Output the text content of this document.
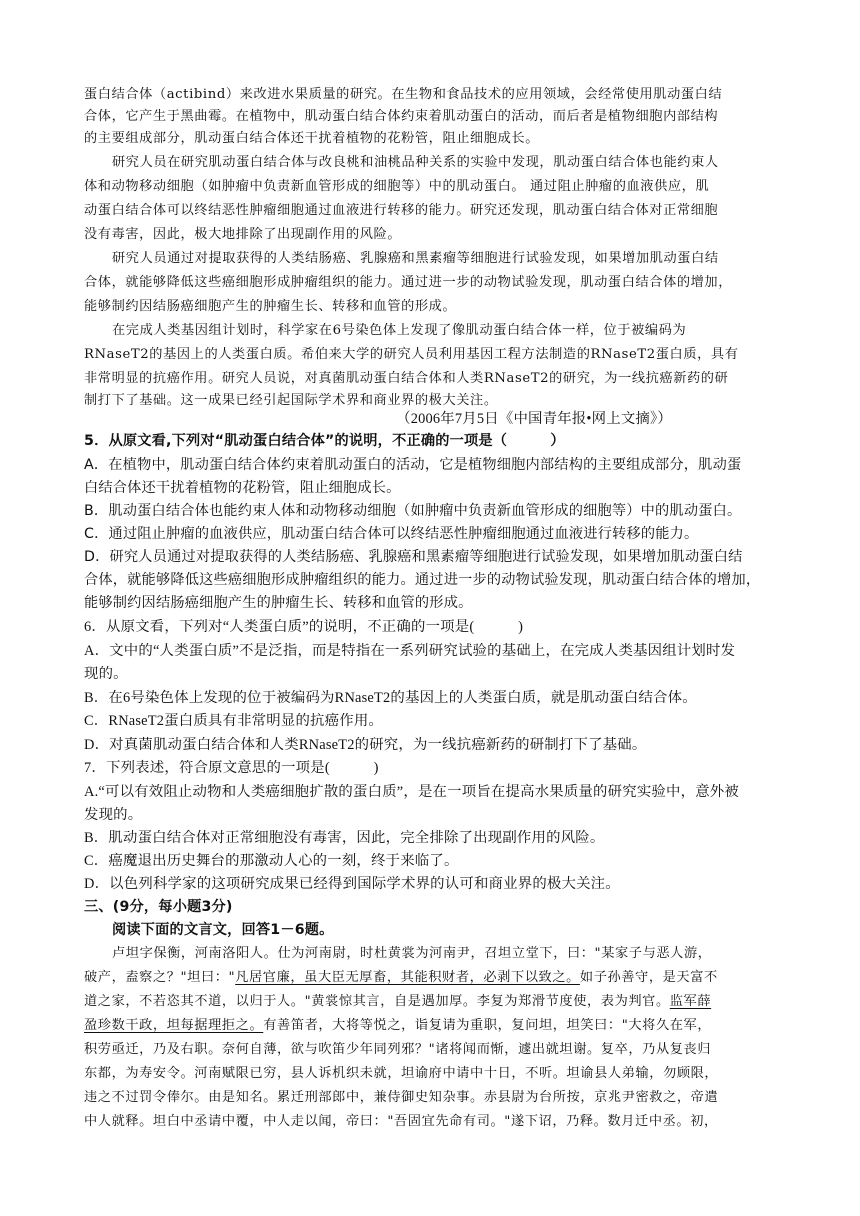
蛋白结合体（actibind）来改进水果质量的研究。在生物和食品技术的应用领域，会经常使用肌动蛋白结
合体，它产生于黑曲霉。在植物中，肌动蛋白结合体约束着肌动蛋白的活动，而后者是植物细胞内部结构
的主要组成部分，肌动蛋白结合体还干扰着植物的花粉管，阻止细胞成长。
研究人员在研究肌动蛋白结合体与改良桃和油桃品种关系的实验中发现，肌动蛋白结合体也能约束人
体和动物移动细胞（如肿瘤中负责新血管形成的细胞等）中的肌动蛋白。 通过阻止肿瘤的血液供应，肌
动蛋白结合体可以终结恶性肿瘤细胞通过血液进行转移的能力。研究还发现，肌动蛋白结合体对正常细胞
没有毒害，因此，极大地排除了出现副作用的风险。
研究人员通过对提取获得的人类结肠癌、乳腺癌和黑素瘤等细胞进行试验发现，如果增加肌动蛋白结
合体，就能够降低这些癌细胞形成肿瘤组织的能力。通过进一步的动物试验发现，肌动蛋白结合体的增加，
能够制约因结肠癌细胞产生的肿瘤生长、转移和血管的形成。
在完成人类基因组计划时，科学家在6号染色体上发现了像肌动蛋白结合体一样，位于被编码为
RNaseT2的基因上的人类蛋白质。希伯来大学的研究人员利用基因工程方法制造的RNaseT2蛋白质，具有
非常明显的抗癌作用。研究人员说，对真菌肌动蛋白结合体和人类RNaseT2的研究，为一线抗癌新药的研
制打下了基础。这一成果已经引起国际学术界和商业界的极大关注。
（2006年7月5日《中国青年报•网上文摘》）
5．从原文看,下列对“肌动蛋白结合体”的说明，不正确的一项是（　　　）
A．在植物中，肌动蛋白结合体约束着肌动蛋白的活动，它是植物细胞内部结构的主要组成部分，肌动蛋
白结合体还干扰着植物的花粉管，阻止细胞成长。
B．肌动蛋白结合体也能约束人体和动物移动细胞（如肿瘤中负责新血管形成的细胞等）中的肌动蛋白。
C．通过阻止肿瘤的血液供应，肌动蛋白结合体可以终结恶性肿瘤细胞通过血液进行转移的能力。
D．研究人员通过对提取获得的人类结肠癌、乳腺癌和黑素瘤等细胞进行试验发现，如果增加肌动蛋白结
合体，就能够降低这些癌细胞形成肿瘤组织的能力。通过进一步的动物试验发现，肌动蛋白结合体的增加，
能够制约因结肠癌细胞产生的肿瘤生长、转移和血管的形成。
6．从原文看，下列对“人类蛋白质”的说明，不正确的一项是(　　　)
A．文中的“人类蛋白质”不是泛指，而是特指在一系列研究试验的基础上，在完成人类基因组计划时发
现的。
B．在6号染色体上发现的位于被编码为RNaseT2的基因上的人类蛋白质，就是肌动蛋白结合体。
C．RNaseT2蛋白质具有非常明显的抗癌作用。
D．对真菌肌动蛋白结合体和人类RNaseT2的研究，为一线抗癌新药的研制打下了基础。
7．下列表述，符合原文意思的一项是(　　　)
A.“可以有效阻止动物和人类癌细胞扩散的蛋白质”，是在一项旨在提高水果质量的研究实验中，意外被
发现的。
B．肌动蛋白结合体对正常细胞没有毒害，因此，完全排除了出现副作用的风险。
C．癌魔退出历史舞台的那激动人心的一刻，终于来临了。
D．以色列科学家的这项研究成果已经得到国际学术界的认可和商业界的极大关注。
三、(9分，每小题3分)
阅读下面的文言文，回答1－6题。
卢坦字保衡，河南洛阳人。仕为河南尉，时杜黄裳为河南尹，召坦立堂下，曰："某家子与恶人游，
破产，盍察之？"坦曰："凡居官廉，虽大臣无厚畜，其能积财者，必剥下以致之。如子孙善守，是天富不
道之家，不若恣其不道，以归于人。"黄裳惊其言，自是遇加厚。李复为郑滑节度使，表为判官。监军薛
盈珍数干政，坦每据理拒之。有善笛者，大将等悦之，诣复请为重职，复问坦，坦笑曰："大将久在军，
积劳亟迁，乃及右职。奈何自薄，欲与吹笛少年同列邪？"诸将闻而惭，遽出就坦谢。复卒，乃从复丧归
东都，为寿安令。河南赋限已穷，县人诉机织未就，坦谕府中请中十日，不听。坦谕县人弟输，勿顾限，
违之不过罚令俸尔。由是知名。累迁刑部郎中，兼侍御史知杂事。赤县尉为台所按，京兆尹密救之，帝遣
中人就释。坦白中丞请中覆，中人走以闻，帝曰："吾固宜先命有司。"遂下诏，乃释。数月迁中丞。初，
